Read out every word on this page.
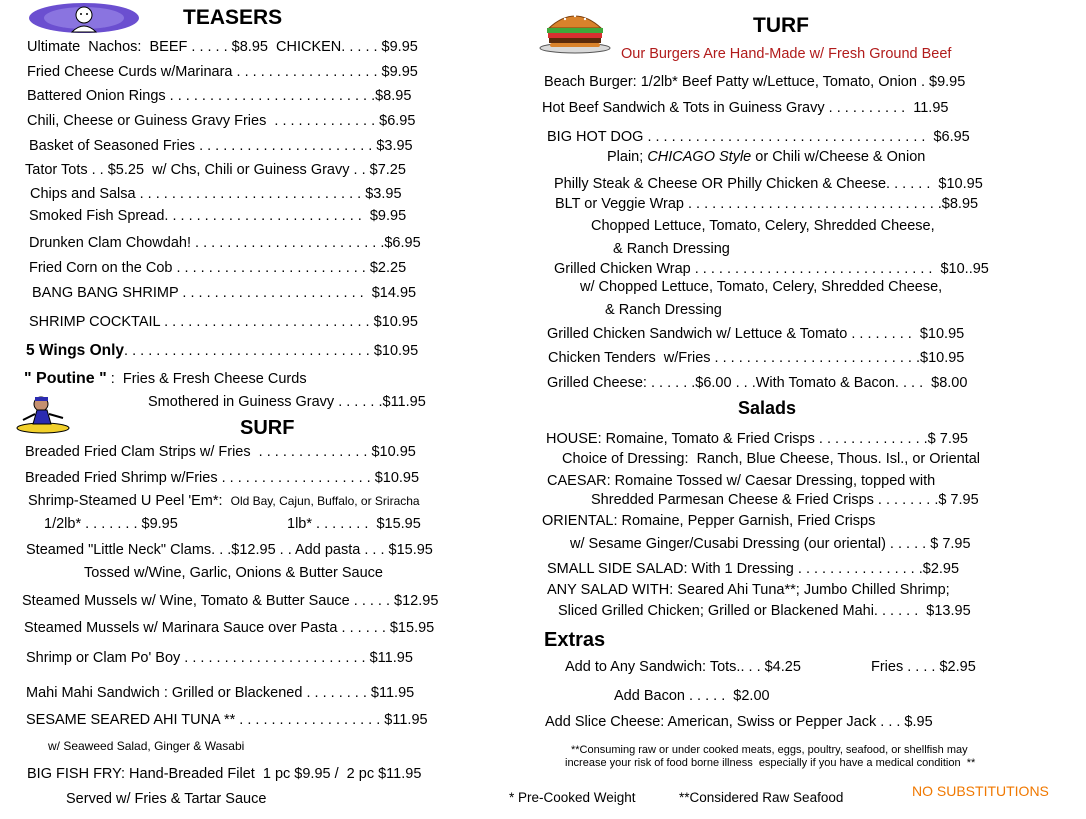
TEASERS
Ultimate  Nachos:  BEEF . . . . . $8.95  CHICKEN. . . . . $9.95
Fried Cheese Curds w/Marinara . . . . . . . . . . . . . . . . . . $9.95
Battered Onion Rings . . . . . . . . . . . . . . . . . . . . . . . . . .$8.95
Chili, Cheese or Guiness Gravy Fries  . . . . . . . . . . . . . $6.95
Basket of Seasoned Fries . . . . . . . . . . . . . . . . . . . . . . $3.95
Tator Tots . . $5.25  w/ Chs, Chili or Guiness Gravy . . $7.25
Chips and Salsa . . . . . . . . . . . . . . . . . . . . . . . . . . . . $3.95
Smoked Fish Spread. . . . . . . . . . . . . . . . . . . . . . . . .  $9.95
Drunken Clam Chowdah! . . . . . . . . . . . . . . . . . . . . . . . .$6.95
Fried Corn on the Cob . . . . . . . . . . . . . . . . . . . . . . . . $2.25
BANG BANG SHRIMP . . . . . . . . . . . . . . . . . . . . . . .  $14.95
SHRIMP COCKTAIL . . . . . . . . . . . . . . . . . . . . . . . . . . $10.95
5 Wings Only. . . . . . . . . . . . . . . . . . . . . . . . . . . . . . . $10.95
" Poutine " :  Fries & Fresh Cheese Curds
Smothered in Guiness Gravy . . . . . .$11.95
SURF
Breaded Fried Clam Strips w/ Fries  . . . . . . . . . . . . . . $10.95
Breaded Fried Shrimp w/Fries . . . . . . . . . . . . . . . . . . . $10.95
Shrimp-Steamed U Peel 'Em*: Old Bay, Cajun, Buffalo, or Sriracha
1/2lb* . . . . . . . $9.95	1lb* . . . . . . .  $15.95
Steamed "Little Neck" Clams. . .$12.95 . . Add pasta . . . $15.95
Tossed w/Wine, Garlic, Onions & Butter Sauce
Steamed Mussels w/ Wine, Tomato & Butter Sauce . . . . . $12.95
Steamed Mussels w/ Marinara Sauce over Pasta . . . . . . $15.95
Shrimp or Clam Po' Boy . . . . . . . . . . . . . . . . . . . . . . . $11.95
Mahi Mahi Sandwich : Grilled or Blackened . . . . . . . . $11.95
SESAME SEARED AHI TUNA ** . . . . . . . . . . . . . . . . . . $11.95
w/ Seaweed Salad, Ginger & Wasabi
BIG FISH FRY: Hand-Breaded Filet  1 pc $9.95 /  2 pc $11.95
Served w/ Fries & Tartar Sauce
TURF
Our Burgers Are Hand-Made w/ Fresh Ground Beef
Beach Burger: 1/2lb* Beef Patty w/Lettuce, Tomato, Onion . $9.95
Hot Beef Sandwich & Tots in Guiness Gravy . . . . . . . . . .  11.95
BIG HOT DOG . . . . . . . . . . . . . . . . . . . . . . . . . . . . . . . . . . .  $6.95
Plain; CHICAGO Style or Chili w/Cheese & Onion
Philly Steak & Cheese OR Philly Chicken & Cheese. . . . . .  $10.95
BLT or Veggie Wrap . . . . . . . . . . . . . . . . . . . . . . . . . . . . . . . .$8.95
Chopped Lettuce, Tomato, Celery, Shredded Cheese,
& Ranch Dressing
Grilled Chicken Wrap . . . . . . . . . . . . . . . . . . . . . . . . . . . . . .  $10..95
w/ Chopped Lettuce, Tomato, Celery, Shredded Cheese,
& Ranch Dressing
Grilled Chicken Sandwich w/ Lettuce & Tomato . . . . . . . .  $10.95
Chicken Tenders  w/Fries . . . . . . . . . . . . . . . . . . . . . . . . . .$10.95
Grilled Cheese: . . . . . .$6.00 . . .With Tomato & Bacon. . . .  $8.00
Salads
HOUSE: Romaine, Tomato & Fried Crisps . . . . . . . . . . . . . .$ 7.95
Choice of Dressing:  Ranch, Blue Cheese, Thous. Isl., or Oriental
CAESAR: Romaine Tossed w/ Caesar Dressing, topped with
Shredded Parmesan Cheese & Fried Crisps . . . . . . . .$ 7.95
ORIENTAL: Romaine, Pepper Garnish, Fried Crisps
w/ Sesame Ginger/Cusabi Dressing (our oriental) . . . . . $ 7.95
SMALL SIDE SALAD: With 1 Dressing . . . . . . . . . . . . . . . .$2.95
ANY SALAD WITH: Seared Ahi Tuna**; Jumbo Chilled Shrimp;
Sliced Grilled Chicken; Grilled or Blackened Mahi. . . . . .  $13.95
Extras
Add to Any Sandwich: Tots.. . . $4.25	Fries . . . . $2.95
Add Bacon . . . . .  $2.00
Add Slice Cheese: American, Swiss or Pepper Jack . . . $.95
**Consuming raw or under cooked meats, eggs, poultry, seafood, or shellfish may
increase your risk of food borne illness  especially if you have a medical condition  **
* Pre-Cooked Weight	**Considered Raw Seafood	NO SUBSTITUTIONS
